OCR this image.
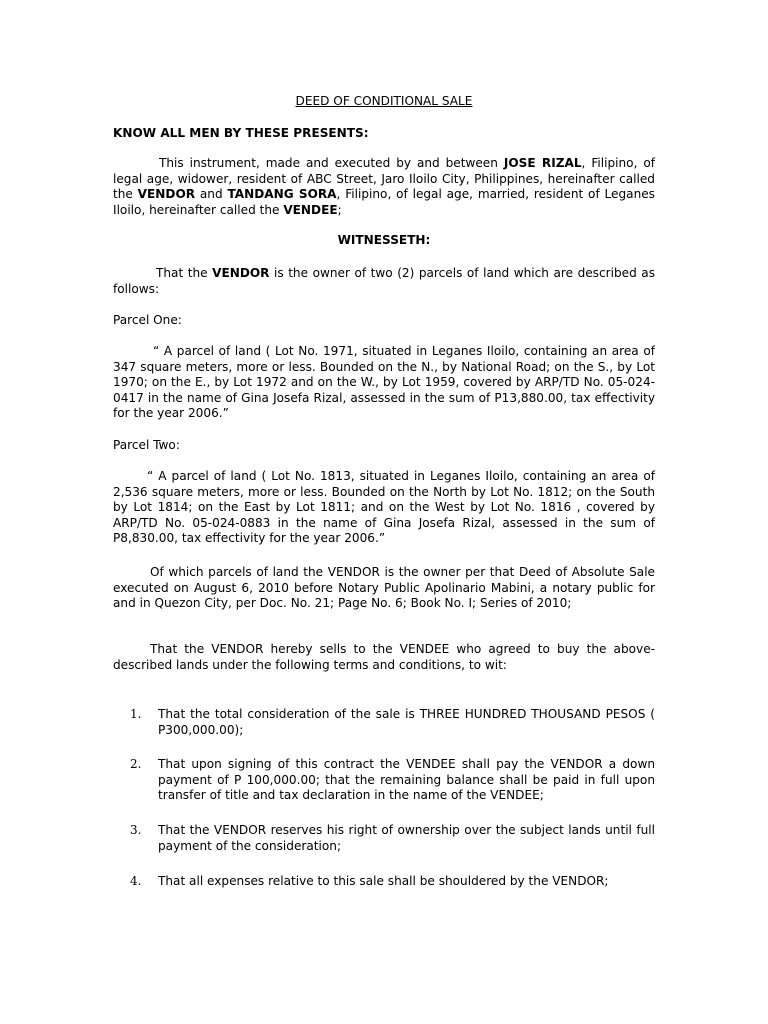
DEED OF CONDITIONAL SALE
KNOW ALL MEN BY THESE PRESENTS:

This instrument, made and executed by and between JOSE RIZAL, Filipino, of legal age, widower, resident of ABC Street, Jaro Iloilo City, Philippines, hereinafter called the VENDOR and TANDANG SORA, Filipino, of legal age, married, resident of Leganes Iloilo, hereinafter called the VENDEE;

WITNESSETH:

That the VENDOR is the owner of two (2) parcels of land which are described as follows:

Parcel One:

“ A parcel of land ( Lot No. 1971, situated in Leganes Iloilo, containing an area of 347 square meters, more or less. Bounded on the N., by National Road; on the S., by Lot 1970; on the E., by Lot 1972 and on the W., by Lot 1959, covered by ARP/TD No. 05-024-0417 in the name of Gina Josefa Rizal, assessed in the sum of P13,880.00, tax effectivity for the year 2006.”

Parcel Two:

“ A parcel of land ( Lot No. 1813, situated in Leganes Iloilo, containing an area of 2,536 square meters, more or less. Bounded on the North by Lot No. 1812; on the South by Lot 1814; on the East by Lot 1811; and on the West by Lot No. 1816 , covered by ARP/TD No. 05-024-0883 in the name of Gina Josefa Rizal, assessed in the sum of P8,830.00, tax effectivity for the year 2006.”

Of which parcels of land the VENDOR is the owner per that Deed of Absolute Sale executed on August 6, 2010 before Notary Public Apolinario Mabini, a notary public for and in Quezon City, per Doc. No. 21; Page No. 6; Book No. I; Series of 2010;

That the VENDOR hereby sells to the VENDEE who agreed to buy the above-described lands under the following terms and conditions, to wit:

1.	That the total consideration of the sale is THREE HUNDRED THOUSAND PESOS ( P300,000.00);
2.	That upon signing of this contract the VENDEE shall pay the VENDOR a down payment of P 100,000.00; that the remaining balance shall be paid in full upon transfer of title and tax declaration in the name of the VENDEE;
3.	That the VENDOR reserves his right of ownership over the subject lands until full payment of the consideration;
4.	That all expenses relative to this sale shall be shouldered by the VENDOR;
